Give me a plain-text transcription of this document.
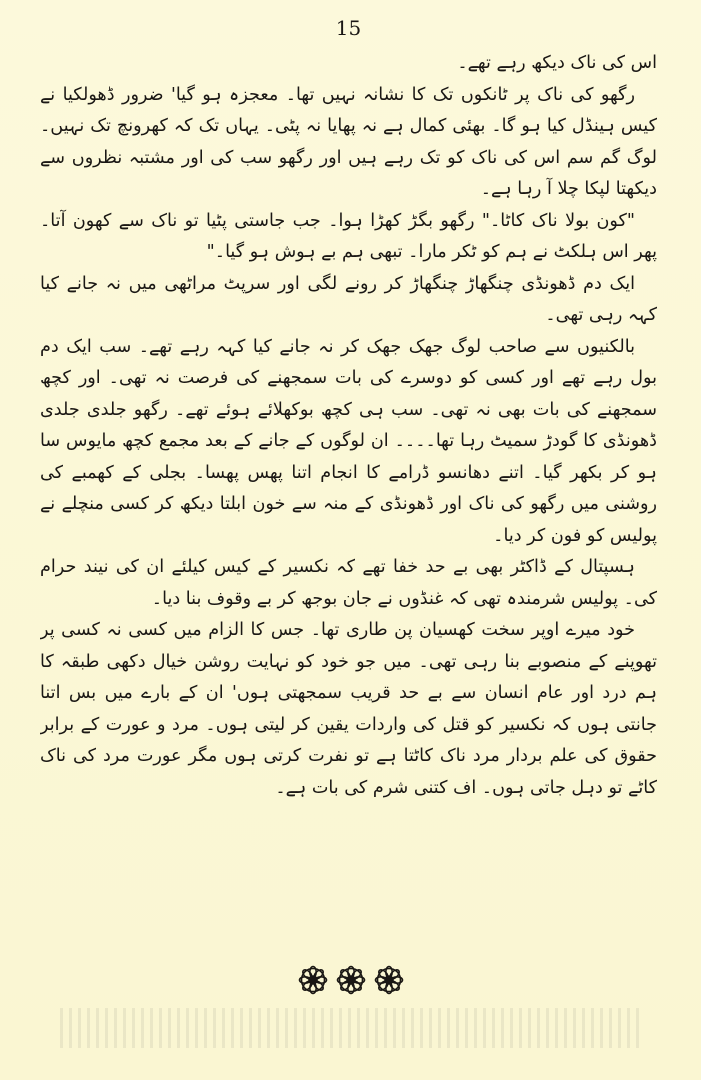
15

اس کی ناک دیکھ رہے تھے۔

رگھو کی ناک پر ٹانکوں تک کا نشانہ نہیں تھا۔ معجزہ ہو گیا' ضرور ڈھولکیا نے کیس ہینڈل کیا ہو گا۔ بھئی کمال ہے نہ پھایا نہ پٹی۔ یہاں تک کہ کھرونچ تک نہیں۔ لوگ گم سم اس کی ناک کو تک رہے ہیں اور رگھو سب کی اور مشتبہ نظروں سے دیکھتا لپکا چلا آ رہا ہے۔

"کون بولا ناک کاٹا۔" رگھو بگڑ کھڑا ہوا۔ جب جاستی پٹیا تو ناک سے کھون آتا۔ پھر اس ہلکٹ نے ہم کو ٹکر مارا۔ تبھی ہم بے ہوش ہو گیا۔"

ایک دم ڈھونڈی چنگھاڑ چنگھاڑ کر رونے لگی اور سرپٹ مراٹھی میں نہ جانے کیا کہہ رہی تھی۔

بالکنیوں سے صاحب لوگ جھک جھک کر نہ جانے کیا کہہ رہے تھے۔ سب ایک دم بول رہے تھے اور کسی کو دوسرے کی بات سمجھنے کی فرصت نہ تھی۔ اور کچھ سمجھنے کی بات بھی نہ تھی۔ سب ہی کچھ بوکھلائے ہوئے تھے۔ رگھو جلدی جلدی ڈھونڈی کا گودڑ سمیٹ رہا تھا۔۔۔۔ ان لوگوں کے جانے کے بعد مجمع کچھ مایوس سا ہو کر بکھر گیا۔ اتنے دھانسو ڈرامے کا انجام اتنا پھس پھسا۔ بجلی کے کھمبے کی روشنی میں رگھو کی ناک اور ڈھونڈی کے منہ سے خون ابلتا دیکھ کر کسی منچلے نے پولیس کو فون کر دیا۔

ہسپتال کے ڈاکٹر بھی بے حد خفا تھے کہ نکسیر کے کیس کیلئے ان کی نیند حرام کی۔ پولیس شرمندہ تھی کہ غنڈوں نے جان بوجھ کر بے وقوف بنا دیا۔

خود میرے اوپر سخت کھسیان پن طاری تھا۔ جس کا الزام میں کسی نہ کسی پر تھوپنے کے منصوبے بنا رہی تھی۔ میں جو خود کو نہایت روشن خیال دکھی طبقہ کا ہم درد اور عام انسان سے بے حد قریب سمجھتی ہوں' ان کے بارے میں بس اتنا جانتی ہوں کہ نکسیر کو قتل کی واردات یقین کر لیتی ہوں۔ مرد و عورت کے برابر حقوق کی علم بردار مرد ناک کاٹتا ہے تو نفرت کرتی ہوں مگر عورت مرد کی ناک کاٹے تو دہل جاتی ہوں۔ اف کتنی شرم کی بات ہے۔
